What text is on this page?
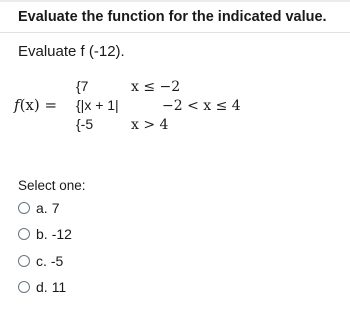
Evaluate the function for the indicated value.
Evaluate f (-12).
f(x) =
{7	x ≤ −2
{|x + 1|	−2 < x ≤ 4
{-5	x > 4
Select one:
a. 7
b. -12
c. -5
d. 11
